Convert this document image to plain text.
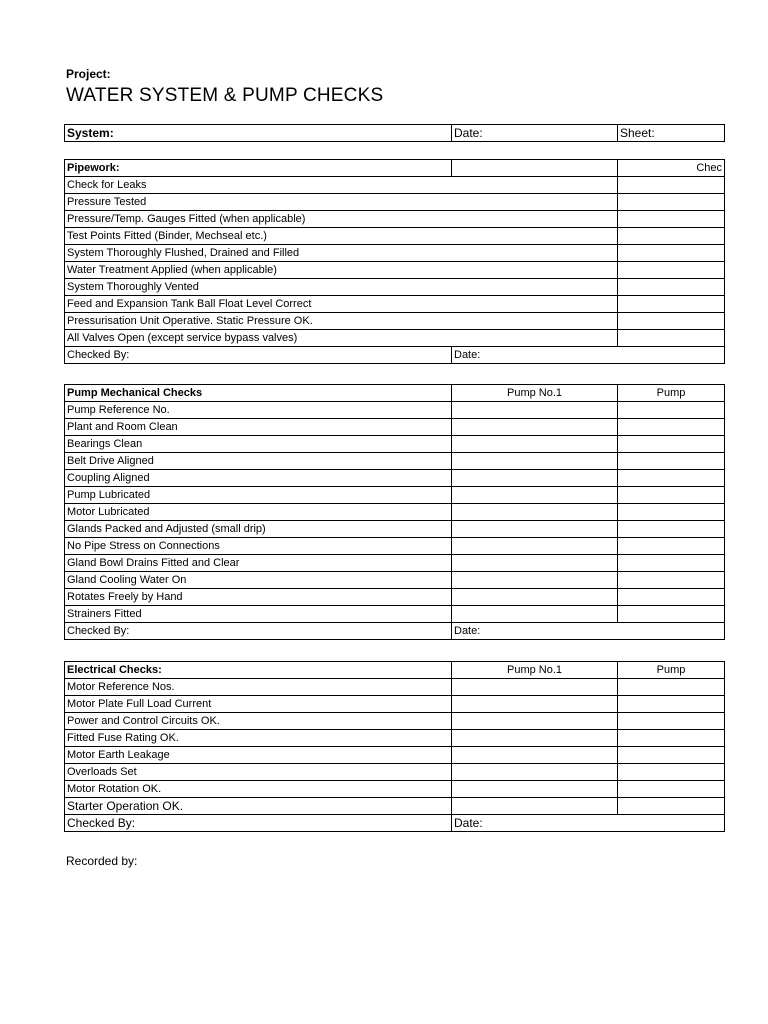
Project:
WATER SYSTEM & PUMP CHECKS
System:	Date:	Sheet:
Pipework:		Chec
Check for Leaks		
Pressure Tested		
Pressure/Temp. Gauges Fitted (when applicable)		
Test Points Fitted (Binder, Mechseal etc.)		
System Thoroughly Flushed, Drained and Filled		
Water Treatment Applied (when applicable)		
System Thoroughly Vented		
Feed and Expansion Tank Ball Float Level Correct		
Pressurisation Unit Operative. Static Pressure OK.		
All Valves Open (except service bypass valves)		
Checked By:	Date:	
Pump Mechanical Checks	Pump No.1	Pump
Pump Reference No.		
Plant and Room Clean		
Bearings Clean		
Belt Drive Aligned		
Coupling Aligned		
Pump Lubricated		
Motor Lubricated		
Glands Packed and Adjusted (small drip)		
No Pipe Stress on Connections		
Gland Bowl Drains Fitted and Clear		
Gland Cooling Water On		
Rotates Freely by Hand		
Strainers Fitted		
Checked By:	Date:	
Electrical Checks:	Pump No.1	Pump
Motor Reference Nos.		
Motor Plate Full Load Current		
Power and Control Circuits OK.		
Fitted Fuse Rating OK.		
Motor Earth Leakage		
Overloads Set		
Motor Rotation OK.		
Starter Operation OK.		
Checked By:	Date:	
Recorded by:
